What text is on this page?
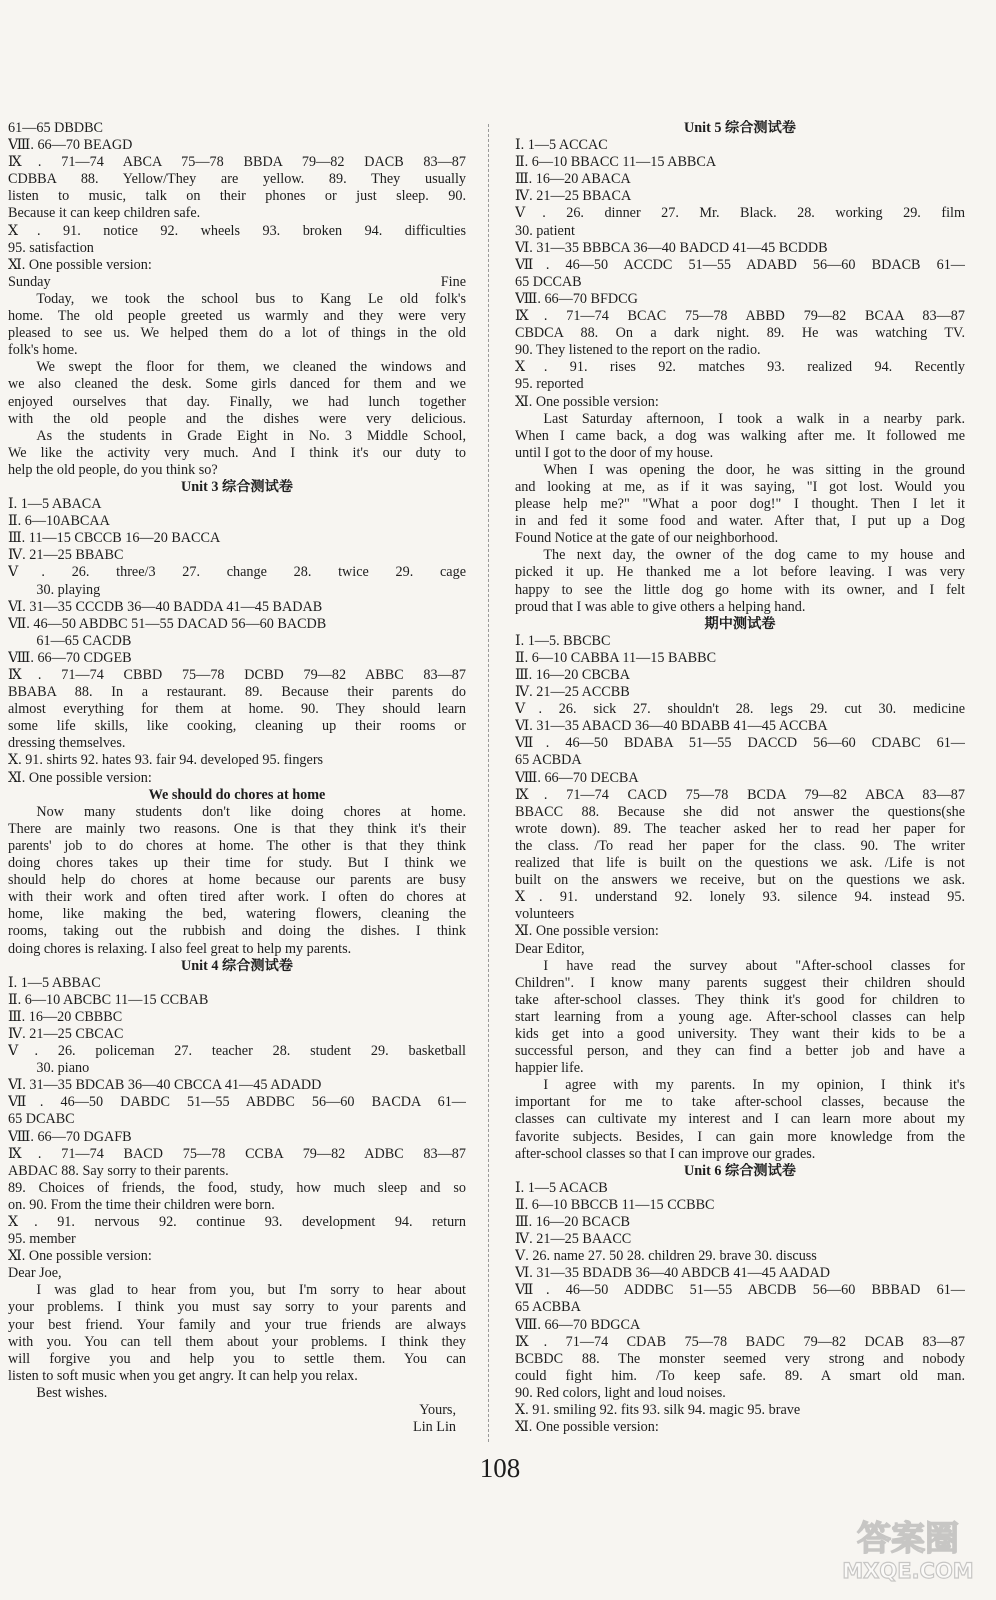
61—65 DBDBC
Ⅷ. 66—70 BEAGD
Ⅸ. 71—74 ABCA 75—78 BBDA 79—82 DACB 83—87
CDBBA 88. Yellow/They are yellow. 89. They usually
listen to music, talk on their phones or just sleep. 90.
Because it can keep children safe.
Ⅹ. 91. notice 92. wheels 93. broken 94. difficulties
95. satisfaction
Ⅺ. One possible version:
Sunday Fine
Today, we took the school bus to Kang Le old folk's
home. The old people greeted us warmly and they were very
pleased to see us. We helped them do a lot of things in the old
folk's home.
We swept the floor for them, we cleaned the windows and
we also cleaned the desk. Some girls danced for them and we
enjoyed ourselves that day. Finally, we had lunch together
with the old people and the dishes were very delicious.
As the students in Grade Eight in No. 3 Middle School,
We like the activity very much. And I think it's our duty to
help the old people, do you think so?
Unit 3 综合测试卷
Ⅰ. 1—5 ABACA
Ⅱ. 6—10ABCAA
Ⅲ. 11—15 CBCCB 16—20 BACCA
Ⅳ. 21—25 BBABC
Ⅴ. 26. three/3 27. change 28. twice 29. cage
30. playing
Ⅵ. 31—35 CCCDB 36—40 BADDA 41—45 BADAB
Ⅶ. 46—50 ABDBC 51—55 DACAD 56—60 BACDB
61—65 CACDB
Ⅷ. 66—70 CDGEB
Ⅸ. 71—74 CBBD 75—78 DCBD 79—82 ABBC 83—87
BBABA 88. In a restaurant. 89. Because their parents do
almost everything for them at home. 90. They should learn
some life skills, like cooking, cleaning up their rooms or
dressing themselves.
Ⅹ. 91. shirts 92. hates 93. fair 94. developed 95. fingers
Ⅺ. One possible version:
We should do chores at home
Now many students don't like doing chores at home.
There are mainly two reasons. One is that they think it's their
parents' job to do chores at home. The other is that they think
doing chores takes up their time for study. But I think we
should help do chores at home because our parents are busy
with their work and often tired after work. I often do chores at
home, like making the bed, watering flowers, cleaning the
rooms, taking out the rubbish and doing the dishes. I think
doing chores is relaxing. I also feel great to help my parents.
Unit 4 综合测试卷
Ⅰ. 1—5 ABBAC
Ⅱ. 6—10 ABCBC 11—15 CCBAB
Ⅲ. 16—20 CBBBC
Ⅳ. 21—25 CBCAC
Ⅴ. 26. policeman 27. teacher 28. student 29. basketball
30. piano
Ⅵ. 31—35 BDCAB 36—40 CBCCA 41—45 ADADD
Ⅶ. 46—50 DABDC 51—55 ABDBC 56—60 BACDA 61—
65 DCABC
Ⅷ. 66—70 DGAFB
Ⅸ. 71—74 BACD 75—78 CCBA 79—82 ADBC 83—87
ABDAC 88. Say sorry to their parents.
89. Choices of friends, the food, study, how much sleep and so
on. 90. From the time their children were born.
Ⅹ. 91. nervous 92. continue 93. development 94. return
95. member
Ⅺ. One possible version:
Dear Joe,
I was glad to hear from you, but I'm sorry to hear about
your problems. I think you must say sorry to your parents and
your best friend. Your family and your true friends are always
with you. You can tell them about your problems. I think they
will forgive you and help you to settle them. You can
listen to soft music when you get angry. It can help you relax.
Best wishes.
Yours,
Lin Lin
Unit 5 综合测试卷
Ⅰ. 1—5 ACCAC
Ⅱ. 6—10 BBACC 11—15 ABBCA
Ⅲ. 16—20 ABACA
Ⅳ. 21—25 BBACA
Ⅴ. 26. dinner 27. Mr. Black. 28. working 29. film
30. patient
Ⅵ. 31—35 BBBCA 36—40 BADCD 41—45 BCDDB
Ⅶ. 46—50 ACCDC 51—55 ADABD 56—60 BDACB 61—
65 DCCAB
Ⅷ. 66—70 BFDCG
Ⅸ. 71—74 BCAC 75—78 ABBD 79—82 BCAA 83—87
CBDCA 88. On a dark night. 89. He was watching TV.
90. They listened to the report on the radio.
Ⅹ. 91. rises 92. matches 93. realized 94. Recently
95. reported
Ⅺ. One possible version:
Last Saturday afternoon, I took a walk in a nearby park.
When I came back, a dog was walking after me. It followed me
until I got to the door of my house.
When I was opening the door, he was sitting in the ground
and looking at me, as if it was saying, "I got lost. Would you
please help me?" "What a poor dog!" I thought. Then I let it
in and fed it some food and water. After that, I put up a Dog
Found Notice at the gate of our neighborhood.
The next day, the owner of the dog came to my house and
picked it up. He thanked me a lot before leaving. I was very
happy to see the little dog go home with its owner, and I felt
proud that I was able to give others a helping hand.
期中测试卷
Ⅰ. 1—5. BBCBC
Ⅱ. 6—10 CABBA 11—15 BABBC
Ⅲ. 16—20 CBCBA
Ⅳ. 21—25 ACCBB
Ⅴ. 26. sick 27. shouldn't 28. legs 29. cut 30. medicine
Ⅵ. 31—35 ABACD 36—40 BDABB 41—45 ACCBA
Ⅶ. 46—50 BDABA 51—55 DACCD 56—60 CDABC 61—
65 ACBDA
Ⅷ. 66—70 DECBA
Ⅸ. 71—74 CACD 75—78 BCDA 79—82 ABCA 83—87
BBACC 88. Because she did not answer the questions(she
wrote down). 89. The teacher asked her to read her paper for
the class. /To read her paper for the class. 90. The writer
realized that life is built on the questions we ask. /Life is not
built on the answers we receive, but on the questions we ask.
Ⅹ. 91. understand 92. lonely 93. silence 94. instead 95.
volunteers
Ⅺ. One possible version:
Dear Editor,
I have read the survey about "After-school classes for
Children". I know many parents suggest their children should
take after-school classes. They think it's good for children to
start learning from a young age. After-school classes can help
kids get into a good university. They want their kids to be a
successful person, and they can find a better job and have a
happier life.
I agree with my parents. In my opinion, I think it's
important for me to take after-school classes, because the
classes can cultivate my interest and I can learn more about my
favorite subjects. Besides, I can gain more knowledge from the
after-school classes so that I can improve our grades.
Unit 6 综合测试卷
Ⅰ. 1—5 ACACB
Ⅱ. 6—10 BBCCB 11—15 CCBBC
Ⅲ. 16—20 BCACB
Ⅳ. 21—25 BAACC
Ⅴ. 26. name 27. 50 28. children 29. brave 30. discuss
Ⅵ. 31—35 BDADB 36—40 ABDCB 41—45 AADAD
Ⅶ. 46—50 ADDBC 51—55 ABCDB 56—60 BBBAD 61—
65 ACBBA
Ⅷ. 66—70 BDGCA
Ⅸ. 71—74 CDAB 75—78 BADC 79—82 DCAB 83—87
BCBDC 88. The monster seemed very strong and nobody
could fight him. /To keep safe. 89. A smart old man.
90. Red colors, light and loud noises.
Ⅹ. 91. smiling 92. fits 93. silk 94. magic 95. brave
Ⅺ. One possible version:
108
答案圈
MXQE.COM
